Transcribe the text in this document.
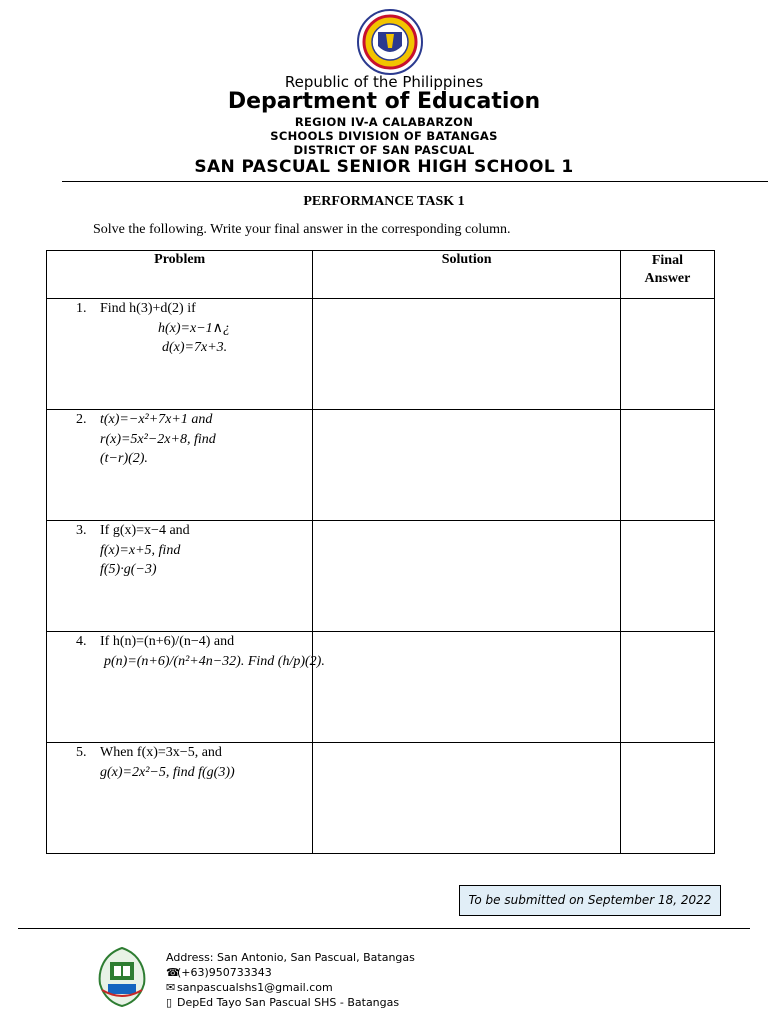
Republic of the Philippines
Department of Education
REGION IV-A CALABARZON
SCHOOLS DIVISION OF BATANGAS
DISTRICT OF SAN PASCUAL
SAN PASCUAL SENIOR HIGH SCHOOL 1
PERFORMANCE TASK 1
Solve the following. Write your final answer in the corresponding column.
Problem	Solution	Final
Answer

1. Find h(3)+d(2) if
h(x)=x−1∧¿
d(x)=7x+3.		

2. t(x)=−x²+7x+1 and
r(x)=5x²−2x+8, find
(t−r)(2).		

3. If g(x)=x−4 and
f(x)=x+5, find
f(5)·g(−3)		

4. If h(n)=(n+6)/(n−4) and
p(n)=(n+6)/(n²+4n−32). Find (h/p)(2).		

5. When f(x)=3x−5, and
g(x)=2x²−5, find f(g(3))		

To be submitted on September 18, 2022
Address: San Antonio, San Pascual, Batangas
☎(+63)950733343
✉ sanpascualshs1@gmail.com
▯ DepEd Tayo San Pascual SHS - Batangas
